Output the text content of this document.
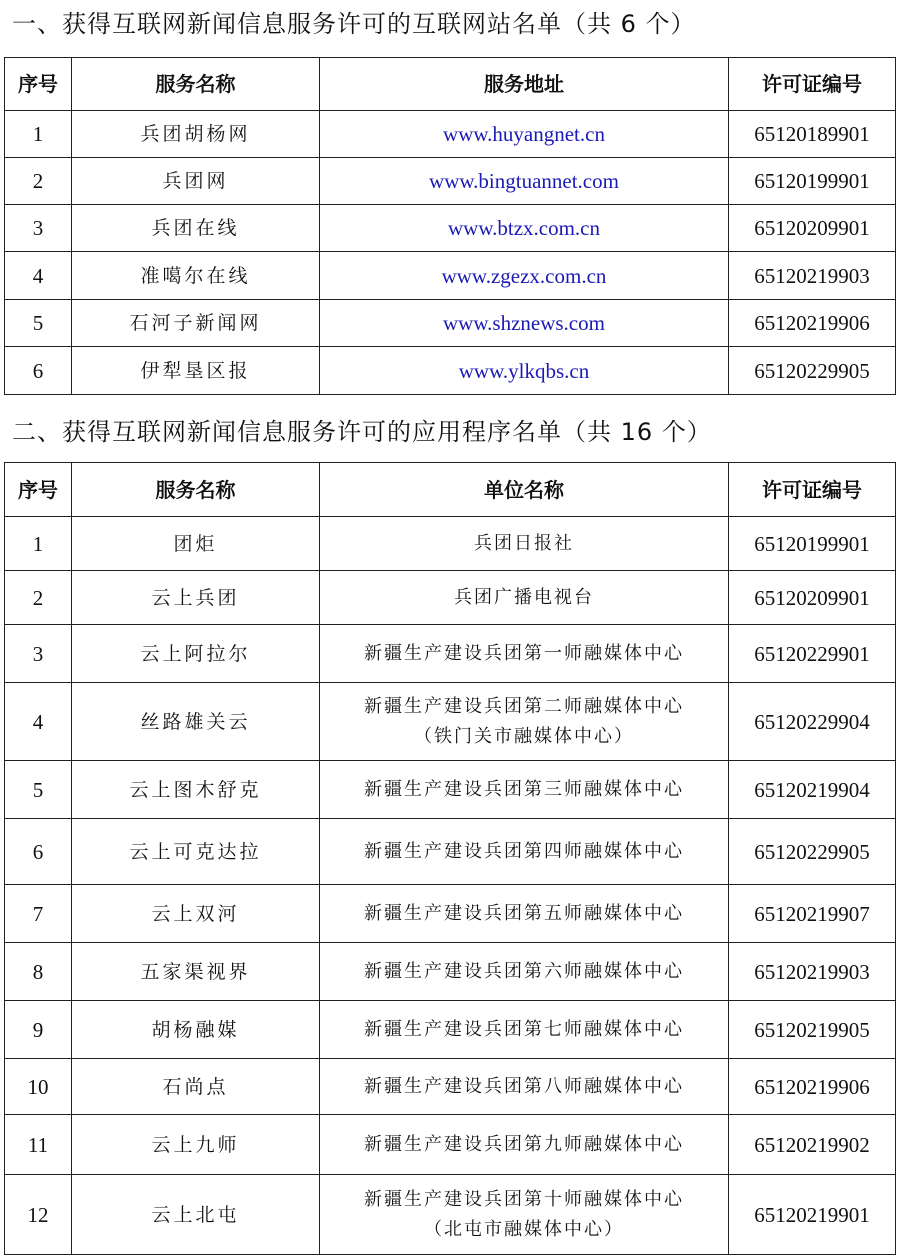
一、获得互联网新闻信息服务许可的互联网站名单（共 6 个）
序号	服务名称	服务地址	许可证编号
1	兵团胡杨网	www.huyangnet.cn	65120189901
2	兵团网	www.bingtuannet.com	65120199901
3	兵团在线	www.btzx.com.cn	65120209901
4	准噶尔在线	www.zgezx.com.cn	65120219903
5	石河子新闻网	www.shznews.com	65120219906
6	伊犁垦区报	www.ylkqbs.cn	65120229905
二、获得互联网新闻信息服务许可的应用程序名单（共 16 个）
序号	服务名称	单位名称	许可证编号
1	团炬	兵团日报社	65120199901
2	云上兵团	兵团广播电视台	65120209901
3	云上阿拉尔	新疆生产建设兵团第一师融媒体中心	65120229901
4	丝路雄关云	新疆生产建设兵团第二师融媒体中心
（铁门关市融媒体中心）	65120229904
5	云上图木舒克	新疆生产建设兵团第三师融媒体中心	65120219904
6	云上可克达拉	新疆生产建设兵团第四师融媒体中心	65120229905
7	云上双河	新疆生产建设兵团第五师融媒体中心	65120219907
8	五家渠视界	新疆生产建设兵团第六师融媒体中心	65120219903
9	胡杨融媒	新疆生产建设兵团第七师融媒体中心	65120219905
10	石尚点	新疆生产建设兵团第八师融媒体中心	65120219906
11	云上九师	新疆生产建设兵团第九师融媒体中心	65120219902
12	云上北屯	新疆生产建设兵团第十师融媒体中心
（北屯市融媒体中心）	65120219901
